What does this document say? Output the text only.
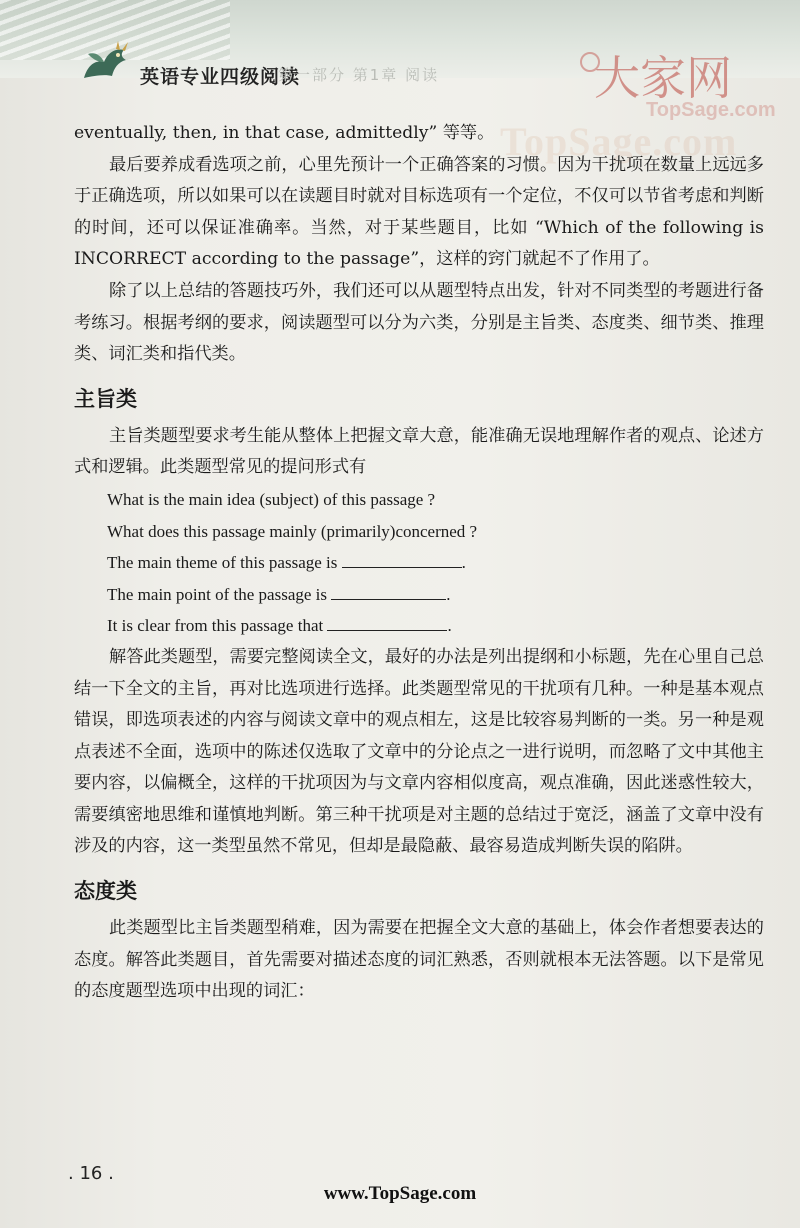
英语专业四级阅读
第一部分 第1章 阅读	大家网
TopSage.com
TopSage.com

eventually, then, in that case, admittedly” 等等。

最后要养成看选项之前，心里先预计一个正确答案的习惯。因为干扰项在数量上远远多于正确选项，所以如果可以在读题目时就对目标选项有一个定位，不仅可以节省考虑和判断的时间，还可以保证准确率。当然，对于某些题目，比如 “Which of the following is INCORRECT according to the passage”，这样的窍门就起不了作用了。

除了以上总结的答题技巧外，我们还可以从题型特点出发，针对不同类型的考题进行备考练习。根据考纲的要求，阅读题型可以分为六类，分别是主旨类、态度类、细节类、推理类、词汇类和指代类。

主旨类

主旨类题型要求考生能从整体上把握文章大意，能准确无误地理解作者的观点、论述方式和逻辑。此类题型常见的提问形式有

What is the main idea (subject) of this passage ?

What does this passage mainly (primarily)concerned ?

The main theme of this passage is	.

The main point of the passage is	.

It is clear from this passage that	.

解答此类题型，需要完整阅读全文，最好的办法是列出提纲和小标题，先在心里自己总结一下全文的主旨，再对比选项进行选择。此类题型常见的干扰项有几种。一种是基本观点错误，即选项表述的内容与阅读文章中的观点相左，这是比较容易判断的一类。另一种是观点表述不全面，选项中的陈述仅选取了文章中的分论点之一进行说明，而忽略了文中其他主要内容，以偏概全，这样的干扰项因为与文章内容相似度高，观点准确，因此迷惑性较大，需要缜密地思维和谨慎地判断。第三种干扰项是对主题的总结过于宽泛，涵盖了文章中没有涉及的内容，这一类型虽然不常见，但却是最隐蔽、最容易造成判断失误的陷阱。

态度类

此类题型比主旨类题型稍难，因为需要在把握全文大意的基础上，体会作者想要表达的态度。解答此类题目，首先需要对描述态度的词汇熟悉，否则就根本无法答题。以下是常见的态度题型选项中出现的词汇：

. 16 .
www.TopSage.com
